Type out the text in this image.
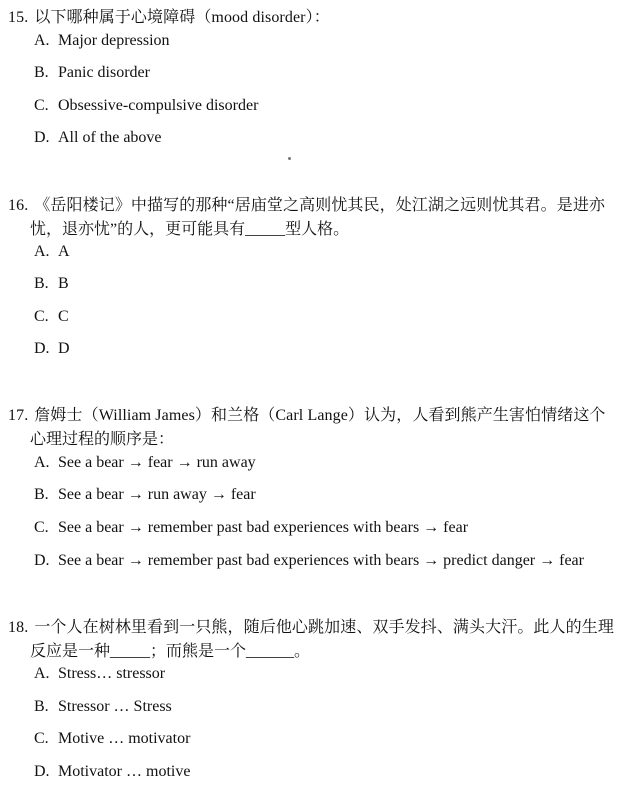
15. 以下哪种属于心境障碍（mood disorder）：
A. Major depression
B. Panic disorder
C. Obsessive-compulsive disorder
D. All of the above
16. 《岳阳楼记》中描写的那种“居庙堂之高则忧其民，处江湖之远则忧其君。是进亦
忧，退亦忧”的人，更可能具有_____型人格。
A. A
B. B
C. C
D. D
17. 詹姆士（William James）和兰格（Carl Lange）认为，人看到熊产生害怕情绪这个
心理过程的顺序是：
A. See a bear → fear → run away
B. See a bear → run away → fear
C. See a bear → remember past bad experiences with bears → fear
D. See a bear → remember past bad experiences with bears → predict danger → fear
18. 一个人在树林里看到一只熊，随后他心跳加速、双手发抖、满头大汗。此人的生理
反应是一种_____；而熊是一个______。
A. Stress… stressor
B. Stressor … Stress
C. Motive … motivator
D. Motivator … motive
